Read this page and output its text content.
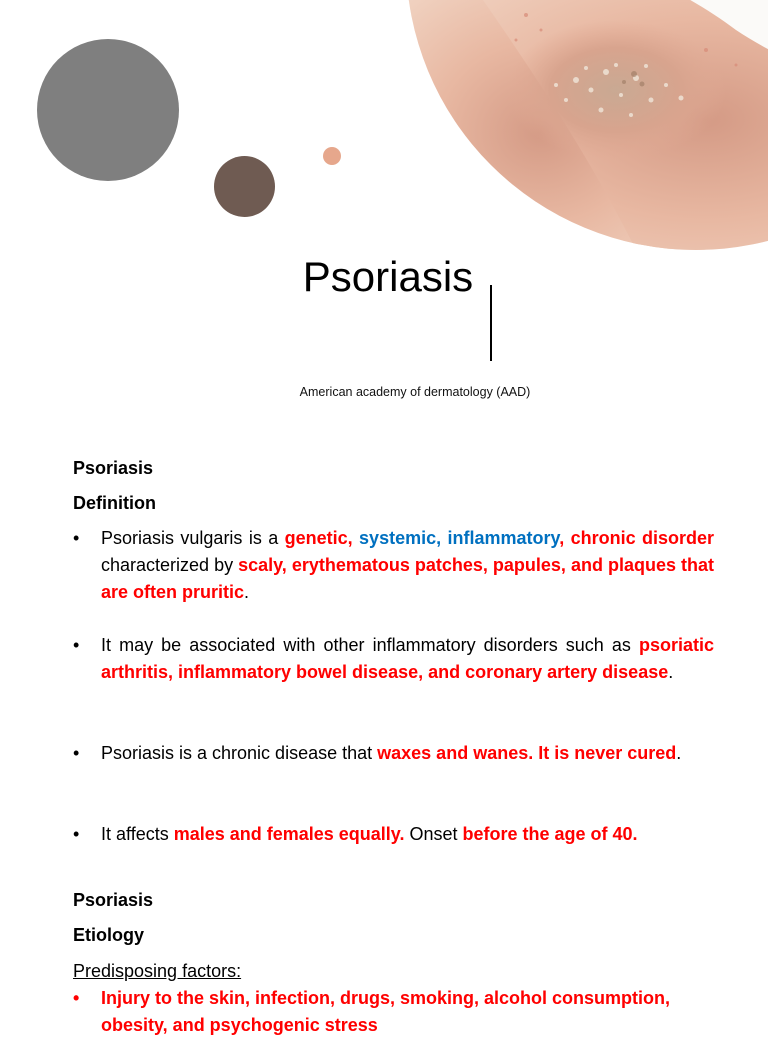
Psoriasis
American academy of dermatology (AAD)

Psoriasis

Definition

• Psoriasis vulgaris is a genetic, systemic, inflammatory, chronic disorder characterized by scaly, erythematous patches, papules, and plaques that are often pruritic.
• It may be associated with other inflammatory disorders such as psoriatic arthritis, inflammatory bowel disease, and coronary artery disease.
• Psoriasis is a chronic disease that waxes and wanes. It is never cured.
• It affects males and females equally. Onset before the age of 40.

Psoriasis

Etiology

Predisposing factors:
• Injury to the skin, infection, drugs, smoking, alcohol consumption, obesity, and psychogenic stress
